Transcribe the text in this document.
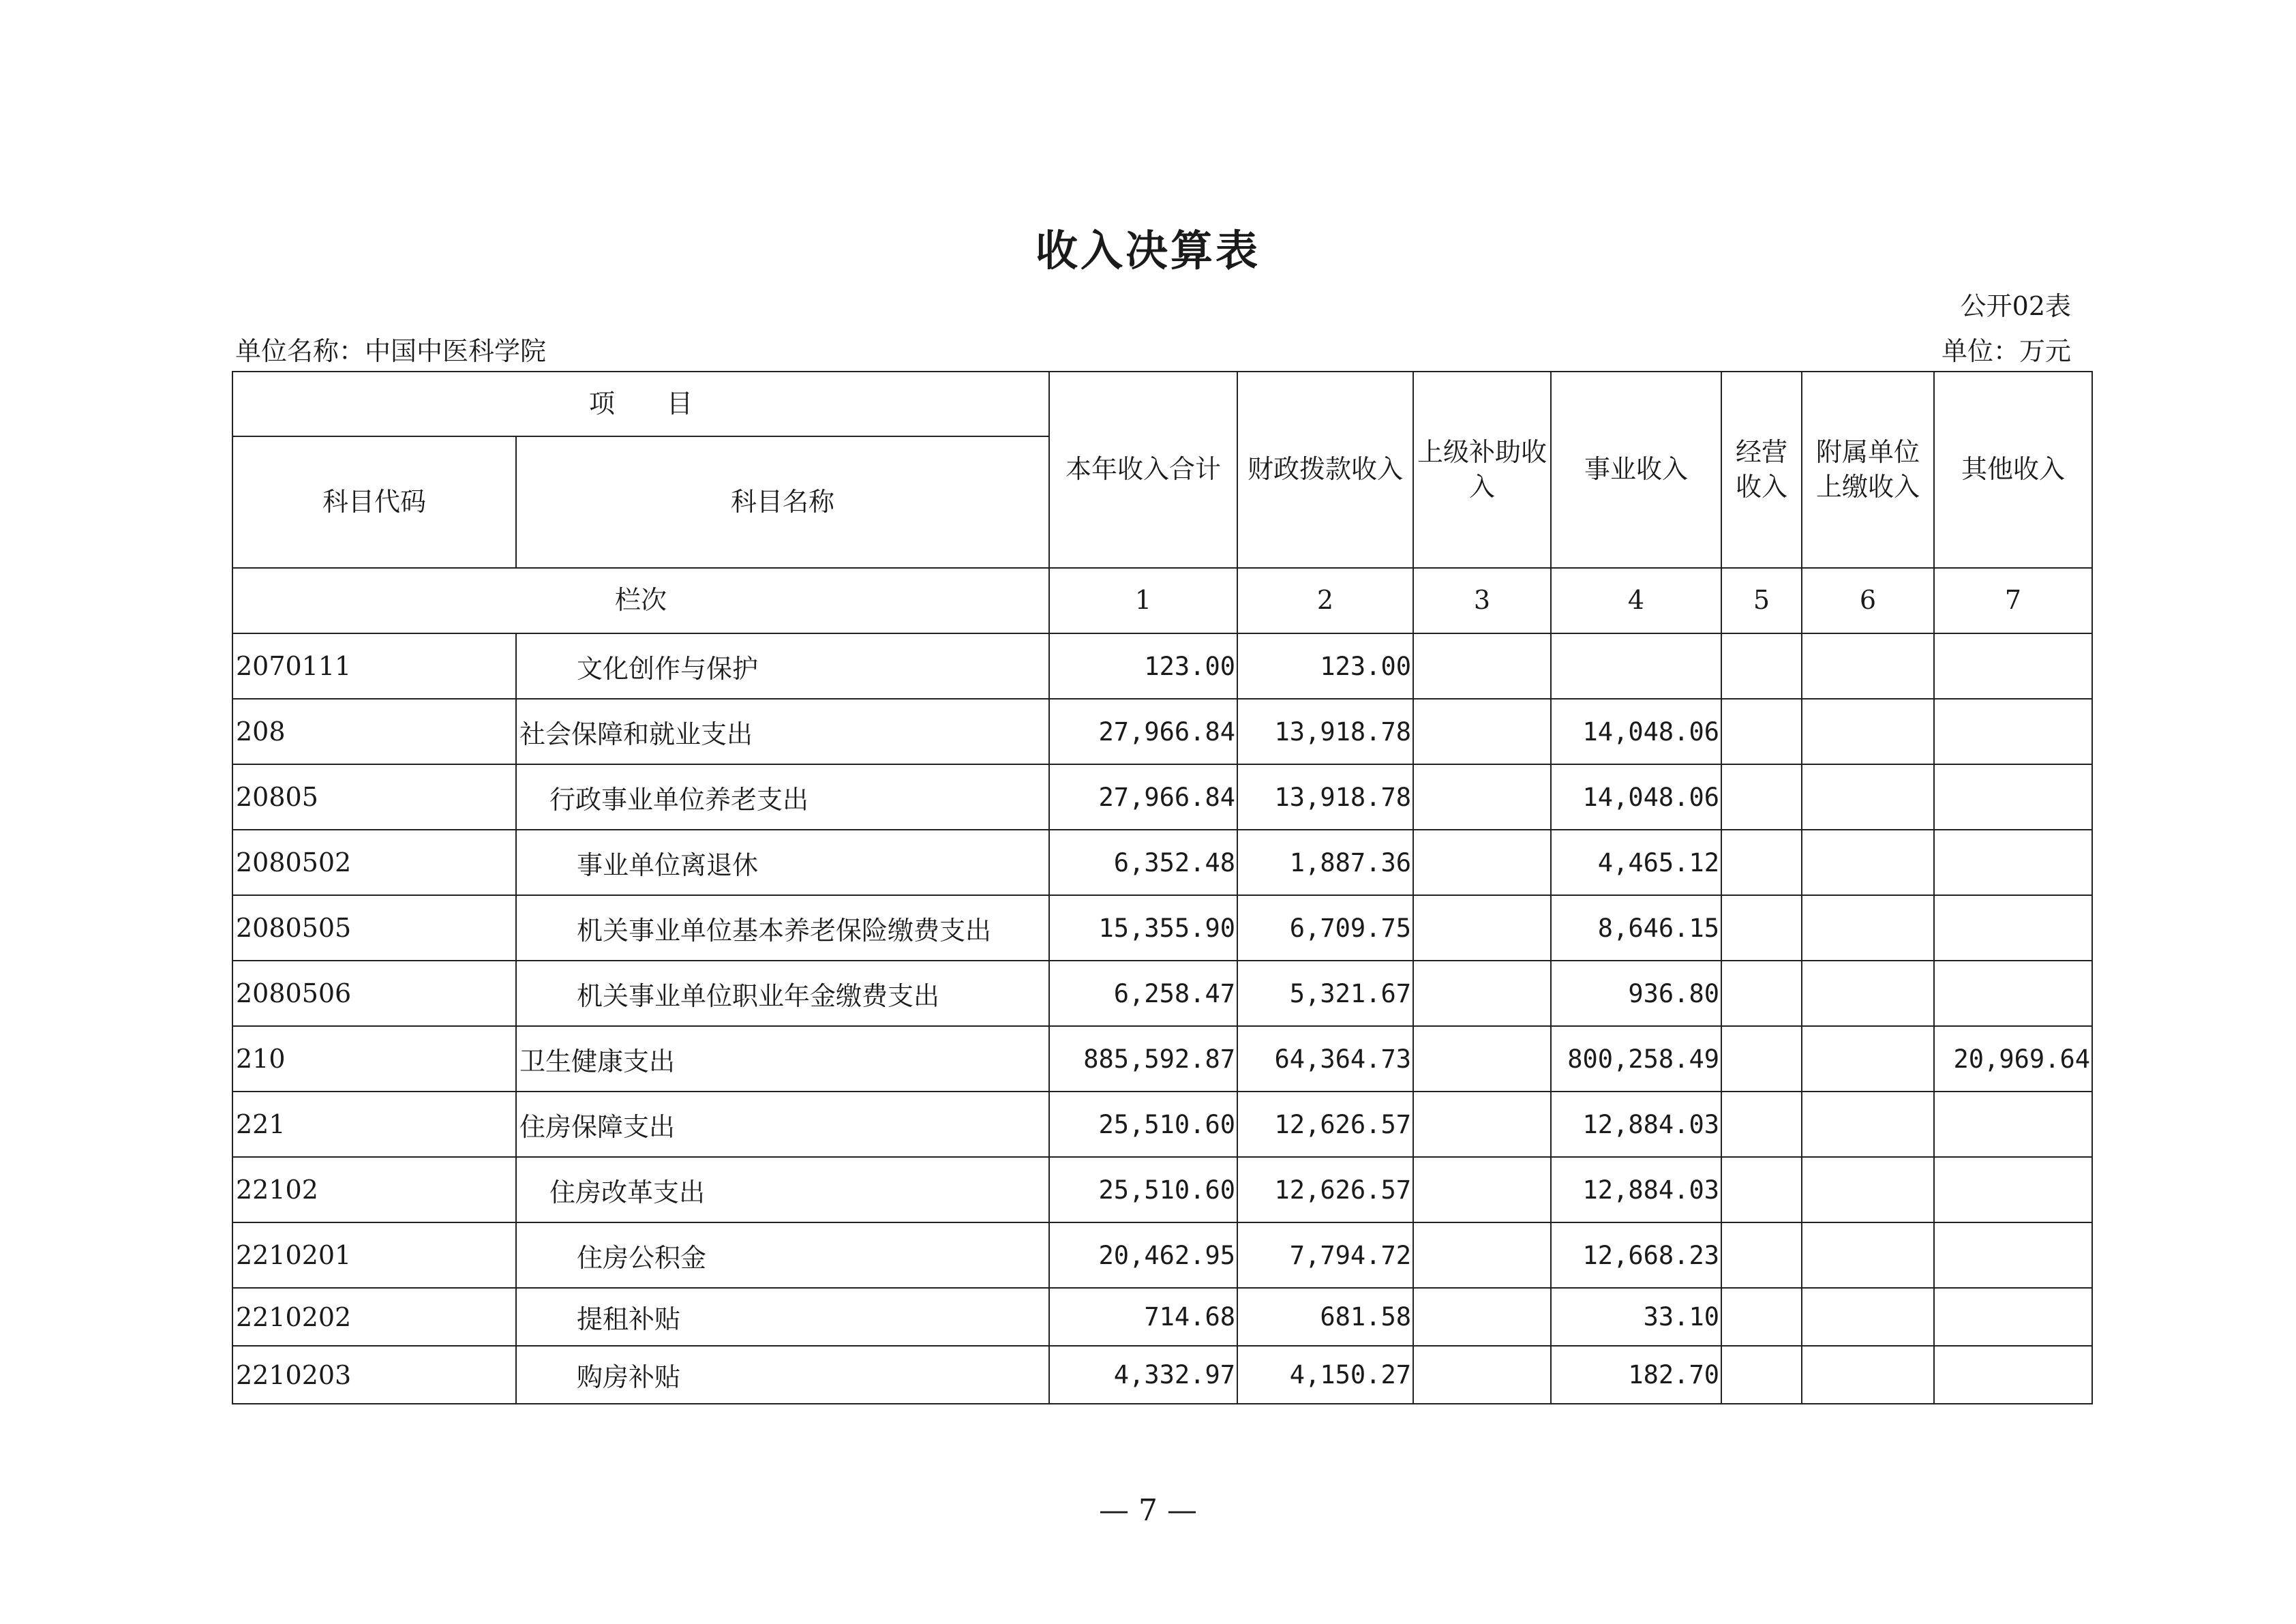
收入决算表
公开02表
单位名称：中国中医科学院	单位：万元
项　　目		本年收入合计	财政拨款收入	上级补助收入	事业收入	经营收入	附属单位上缴收入	其他收入
科目代码	科目名称							
栏次		1	2	3	4	5	6	7
2070111	文化创作与保护	123.00	123.00					
208	社会保障和就业支出	27,966.84	13,918.78		14,048.06			
20805	行政事业单位养老支出	27,966.84	13,918.78		14,048.06			
2080502	事业单位离退休	6,352.48	1,887.36		4,465.12			
2080505	机关事业单位基本养老保险缴费支出	15,355.90	6,709.75		8,646.15			
2080506	机关事业单位职业年金缴费支出	6,258.47	5,321.67		936.80			
210	卫生健康支出	885,592.87	64,364.73		800,258.49			20,969.64
221	住房保障支出	25,510.60	12,626.57		12,884.03			
22102	住房改革支出	25,510.60	12,626.57		12,884.03			
2210201	住房公积金	20,462.95	7,794.72		12,668.23			
2210202	提租补贴	714.68	681.58		33.10			
2210203	购房补贴	4,332.97	4,150.27		182.70			
— 7 —
